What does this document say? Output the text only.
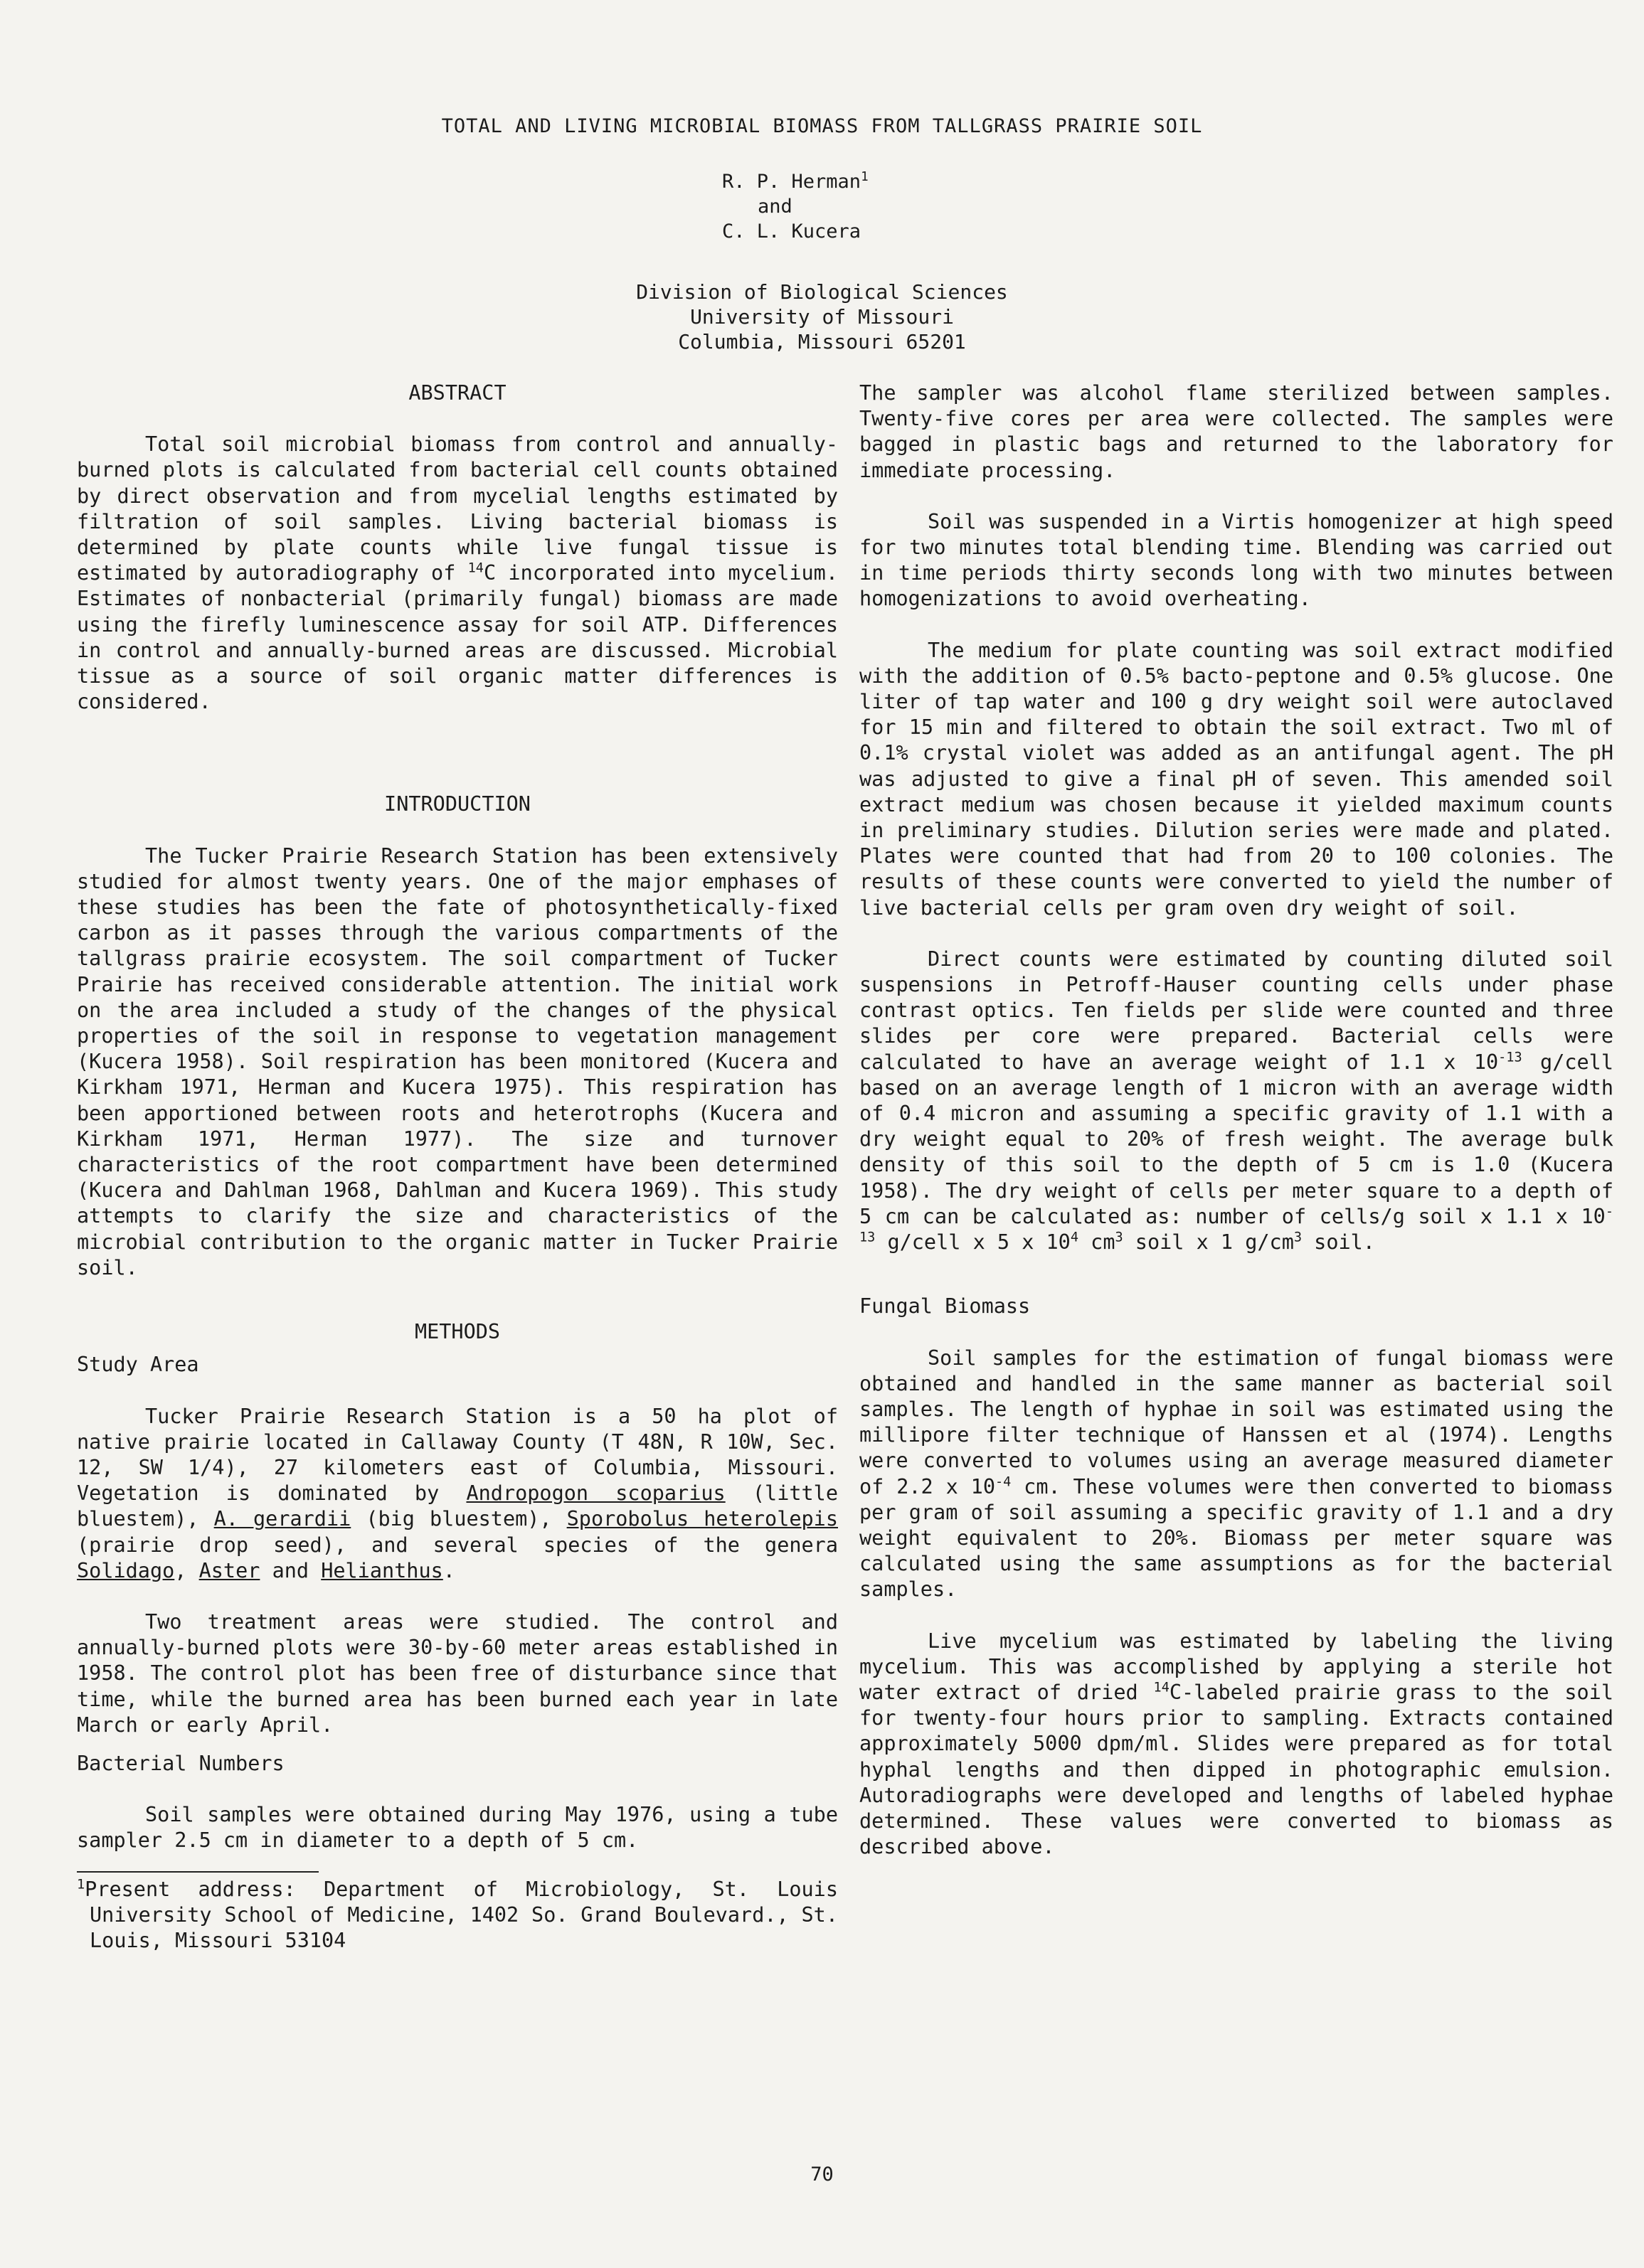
TOTAL AND LIVING MICROBIAL BIOMASS FROM TALLGRASS PRAIRIE SOIL
R. P. Herman$^1$
and
C. L. Kucera
Division of Biological Sciences
University of Missouri
Columbia, Missouri 65201
ABSTRACT

Total soil microbial biomass from control and annually-burned plots is calculated from bacterial cell counts obtained by direct observation and from mycelial lengths estimated by filtration of soil samples. Living bacterial biomass is determined by plate counts while live fungal tissue is estimated by autoradiography of $^{14}$C incorporated into mycelium. Estimates of nonbacterial (primarily fungal) biomass are made using the firefly luminescence assay for soil ATP. Differences in control and annually-burned areas are discussed. Microbial tissue as a source of soil organic matter differences is considered.

INTRODUCTION

The Tucker Prairie Research Station has been extensively studied for almost twenty years. One of the major emphases of these studies has been the fate of photosynthetically-fixed carbon as it passes through the various compartments of the tallgrass prairie ecosystem. The soil compartment of Tucker Prairie has received considerable attention. The initial work on the area included a study of the changes of the physical properties of the soil in response to vegetation management (Kucera 1958). Soil respiration has been monitored (Kucera and Kirkham 1971, Herman and Kucera 1975). This respiration has been apportioned between roots and heterotrophs (Kucera and Kirkham 1971, Herman 1977). The size and turnover characteristics of the root compartment have been determined (Kucera and Dahlman 1968, Dahlman and Kucera 1969). This study attempts to clarify the size and characteristics of the microbial contribution to the organic matter in Tucker Prairie soil.

METHODS
Study Area

Tucker Prairie Research Station is a 50 ha plot of native prairie located in Callaway County (T 48N, R 10W, Sec. 12, SW 1/4), 27 kilometers east of Columbia, Missouri. Vegetation is dominated by Andropogon scoparius (little bluestem), A. gerardii (big bluestem), Sporobolus heterolepis (prairie drop seed), and several species of the genera Solidago, Aster and Helianthus.

Two treatment areas were studied. The control and annually-burned plots were 30-by-60 meter areas established in 1958. The control plot has been free of disturbance since that time, while the burned area has been burned each year in late March or early April.

Bacterial Numbers

Soil samples were obtained during May 1976, using a tube sampler 2.5 cm in diameter to a depth of 5 cm.

$^1$Present address: Department of Microbiology, St. Louis University School of Medicine, 1402 So. Grand Boulevard., St. Louis, Missouri 53104

The sampler was alcohol flame sterilized between samples. Twenty-five cores per area were collected. The samples were bagged in plastic bags and returned to the laboratory for immediate processing.

Soil was suspended in a Virtis homogenizer at high speed for two minutes total blending time. Blending was carried out in time periods thirty seconds long with two minutes between homogenizations to avoid overheating.

The medium for plate counting was soil extract modified with the addition of 0.5% bacto-peptone and 0.5% glucose. One liter of tap water and 100 g dry weight soil were autoclaved for 15 min and filtered to obtain the soil extract. Two ml of 0.1% crystal violet was added as an antifungal agent. The pH was adjusted to give a final pH of seven. This amended soil extract medium was chosen because it yielded maximum counts in preliminary studies. Dilution series were made and plated. Plates were counted that had from 20 to 100 colonies. The results of these counts were converted to yield the number of live bacterial cells per gram oven dry weight of soil.

Direct counts were estimated by counting diluted soil suspensions in Petroff-Hauser counting cells under phase contrast optics. Ten fields per slide were counted and three slides per core were prepared. Bacterial cells were calculated to have an average weight of 1.1 x $10^{-13}$ g/cell based on an average length of 1 micron with an average width of 0.4 micron and assuming a specific gravity of 1.1 with a dry weight equal to 20% of fresh weight. The average bulk density of this soil to the depth of 5 cm is 1.0 (Kucera 1958). The dry weight of cells per meter square to a depth of 5 cm can be calculated as: number of cells/g soil x 1.1 x $10^{-13}$ g/cell x 5 x $10^4$ $cm^3$ soil x 1 $g/cm^3$ soil.

Fungal Biomass

Soil samples for the estimation of fungal biomass were obtained and handled in the same manner as bacterial soil samples. The length of hyphae in soil was estimated using the millipore filter technique of Hanssen et al (1974). Lengths were converted to volumes using an average measured diameter of 2.2 x $10^{-4}$ cm. These volumes were then converted to biomass per gram of soil assuming a specific gravity of 1.1 and a dry weight equivalent to 20%. Biomass per meter square was calculated using the same assumptions as for the bacterial samples.

Live mycelium was estimated by labeling the living mycelium. This was accomplished by applying a sterile hot water extract of dried $^{14}$C-labeled prairie grass to the soil for twenty-four hours prior to sampling. Extracts contained approximately 5000 dpm/ml. Slides were prepared as for total hyphal lengths and then dipped in photographic emulsion. Autoradiographs were developed and lengths of labeled hyphae determined. These values were converted to biomass as described above.

70
